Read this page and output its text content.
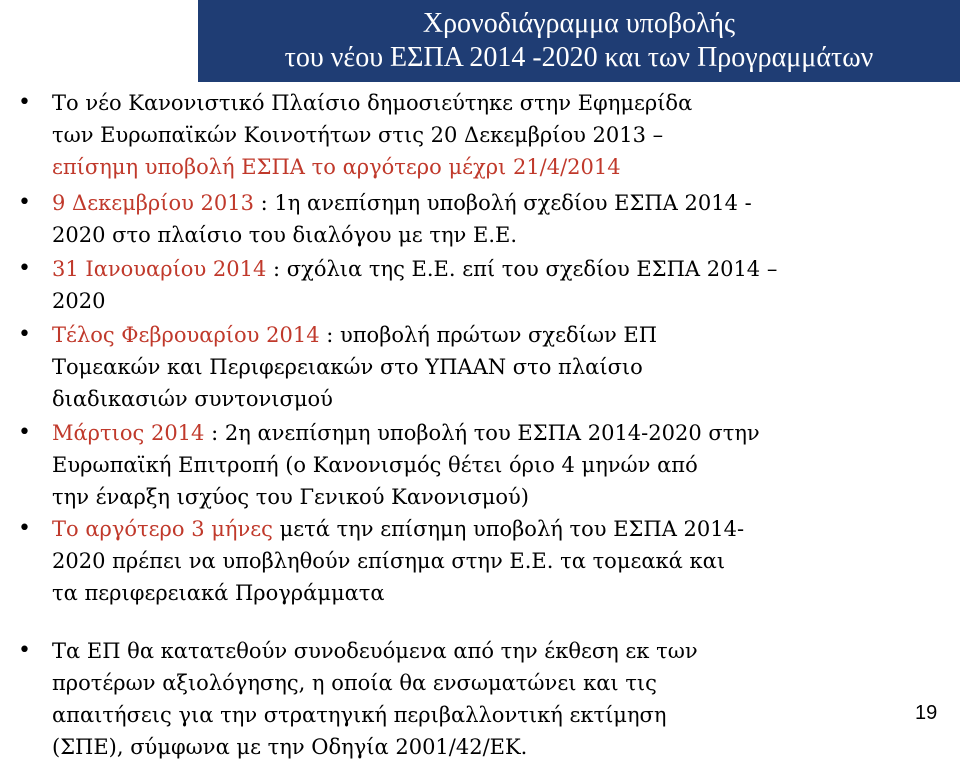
Χρονοδιάγραμμα υποβολής
του νέου ΕΣΠΑ 2014 -2020 και των Προγραμμάτων
• Το νέο Κανονιστικό Πλαίσιο δημοσιεύτηκε στην Εφημερίδα
των Ευρωπαϊκών Κοινοτήτων στις 20 Δεκεμβρίου 2013 –
επίσημη υποβολή ΕΣΠΑ το αργότερο μέχρι 21/4/2014
• 9 Δεκεμβρίου 2013 : 1η ανεπίσημη υποβολή σχεδίου ΕΣΠΑ 2014 -
2020 στο πλαίσιο του διαλόγου με την Ε.Ε.
• 31 Ιανουαρίου 2014 : σχόλια της Ε.Ε. επί του σχεδίου ΕΣΠΑ 2014 –
2020
• Τέλος Φεβρουαρίου 2014 : υποβολή πρώτων σχεδίων ΕΠ
Τομεακών και Περιφερειακών στο ΥΠΑΑΝ στο πλαίσιο
διαδικασιών συντονισμού
• Μάρτιος 2014 : 2η ανεπίσημη υποβολή του ΕΣΠΑ 2014-2020 στην
Ευρωπαϊκή Επιτροπή (ο Κανονισμός θέτει όριο 4 μηνών από
την έναρξη ισχύος του Γενικού Κανονισμού)
• Το αργότερο 3 μήνες μετά την επίσημη υποβολή του ΕΣΠΑ 2014-
2020 πρέπει να υποβληθούν επίσημα στην Ε.Ε. τα τομεακά και
τα περιφερειακά Προγράμματα
• Τα ΕΠ θα κατατεθούν συνοδευόμενα από την έκθεση εκ των
προτέρων αξιολόγησης, η οποία θα ενσωματώνει και τις
απαιτήσεις για την στρατηγική περιβαλλοντική εκτίμηση
(ΣΠΕ), σύμφωνα με την Οδηγία 2001/42/ΕΚ.
19
